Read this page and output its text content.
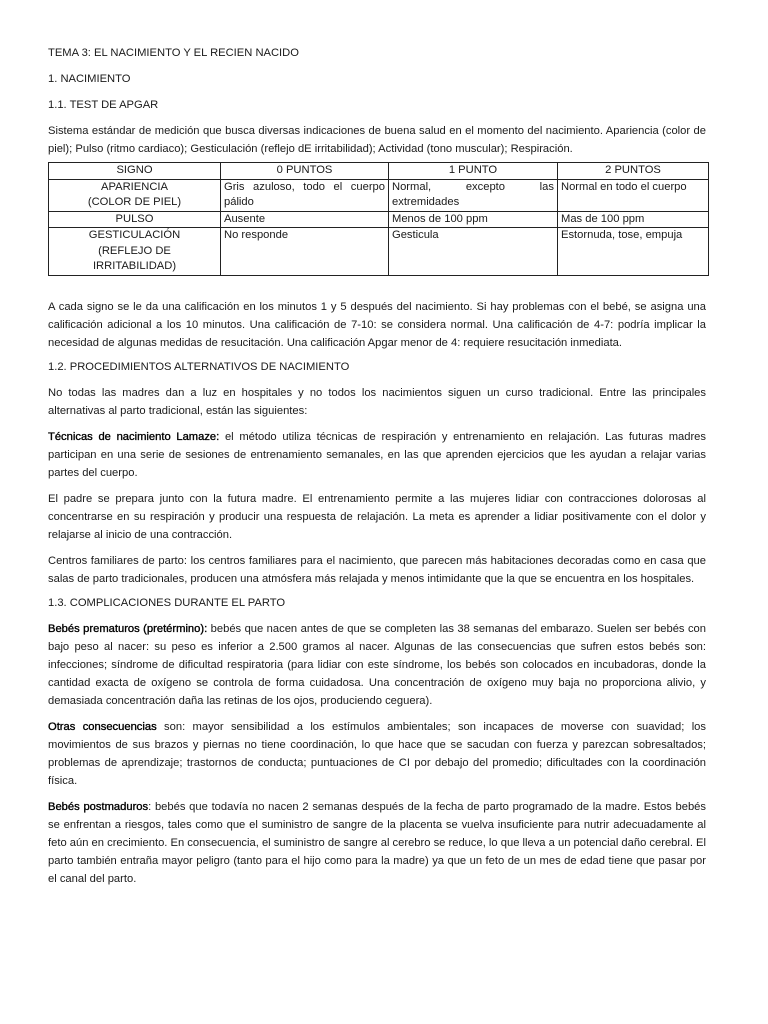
TEMA 3: EL NACIMIENTO Y EL RECIEN NACIDO

1. NACIMIENTO

1.1. TEST DE APGAR

Sistema estándar de medición que busca diversas indicaciones de buena salud en el momento del nacimiento. Apariencia (color de piel); Pulso (ritmo cardiaco); Gesticulación (reflejo dE irritabilidad); Actividad (tono muscular); Respiración.

SIGNO	0 PUNTOS	1 PUNTO	2 PUNTOS

APARIENCIA
(COLOR DE PIEL)	Gris azuloso, todo el cuerpo pálido	Normal, excepto las extremidades	Normal en todo el cuerpo
PULSO	Ausente	Menos de 100 ppm	Mas de 100 ppm

GESTICULACIÓN
(REFLEJO DE
IRRITABILIDAD)	No responde	Gesticula	Estornuda, tose, empuja

A cada signo se le da una calificación en los minutos 1 y 5 después del nacimiento. Si hay problemas con el bebé, se asigna una calificación adicional a los 10 minutos. Una calificación de 7-10: se considera normal. Una calificación de 4-7: podría implicar la necesidad de algunas medidas de resucitación. Una calificación Apgar menor de 4: requiere resucitación inmediata.

1.2. PROCEDIMIENTOS ALTERNATIVOS DE NACIMIENTO

No todas las madres dan a luz en hospitales y no todos los nacimientos siguen un curso tradicional. Entre las principales alternativas al parto tradicional, están las siguientes:

Técnicas de nacimiento Lamaze: el método utiliza técnicas de respiración y entrenamiento en relajación. Las futuras madres participan en una serie de sesiones de entrenamiento semanales, en las que aprenden ejercicios que les ayudan a relajar varias partes del cuerpo.

El padre se prepara junto con la futura madre. El entrenamiento permite a las mujeres lidiar con contracciones dolorosas al concentrarse en su respiración y producir una respuesta de relajación. La meta es aprender a lidiar positivamente con el dolor y relajarse al inicio de una contracción.

Centros familiares de parto: los centros familiares para el nacimiento, que parecen más habitaciones decoradas como en casa que salas de parto tradicionales, producen una atmósfera más relajada y menos intimidante que la que se encuentra en los hospitales.

1.3. COMPLICACIONES DURANTE EL PARTO

Bebés prematuros (pretérmino): bebés que nacen antes de que se completen las 38 semanas del embarazo. Suelen ser bebés con bajo peso al nacer: su peso es inferior a 2.500 gramos al nacer. Algunas de las consecuencias que sufren estos bebés son: infecciones; síndrome de dificultad respiratoria (para lidiar con este síndrome, los bebés son colocados en incubadoras, donde la cantidad exacta de oxígeno se controla de forma cuidadosa. Una concentración de oxígeno muy baja no proporciona alivio, y demasiada concentración daña las retinas de los ojos, produciendo ceguera).

Otras consecuencias son: mayor sensibilidad a los estímulos ambientales; son incapaces de moverse con suavidad; los movimientos de sus brazos y piernas no tiene coordinación, lo que hace que se sacudan con fuerza y parezcan sobresaltados; problemas de aprendizaje; trastornos de conducta; puntuaciones de CI por debajo del promedio; dificultades con la coordinación física.

Bebés postmaduros: bebés que todavía no nacen 2 semanas después de la fecha de parto programado de la madre. Estos bebés se enfrentan a riesgos, tales como que el suministro de sangre de la placenta se vuelva insuficiente para nutrir adecuadamente al feto aún en crecimiento. En consecuencia, el suministro de sangre al cerebro se reduce, lo que lleva a un potencial daño cerebral. El parto también entraña mayor peligro (tanto para el hijo como para la madre) ya que un feto de un mes de edad tiene que pasar por el canal del parto.
